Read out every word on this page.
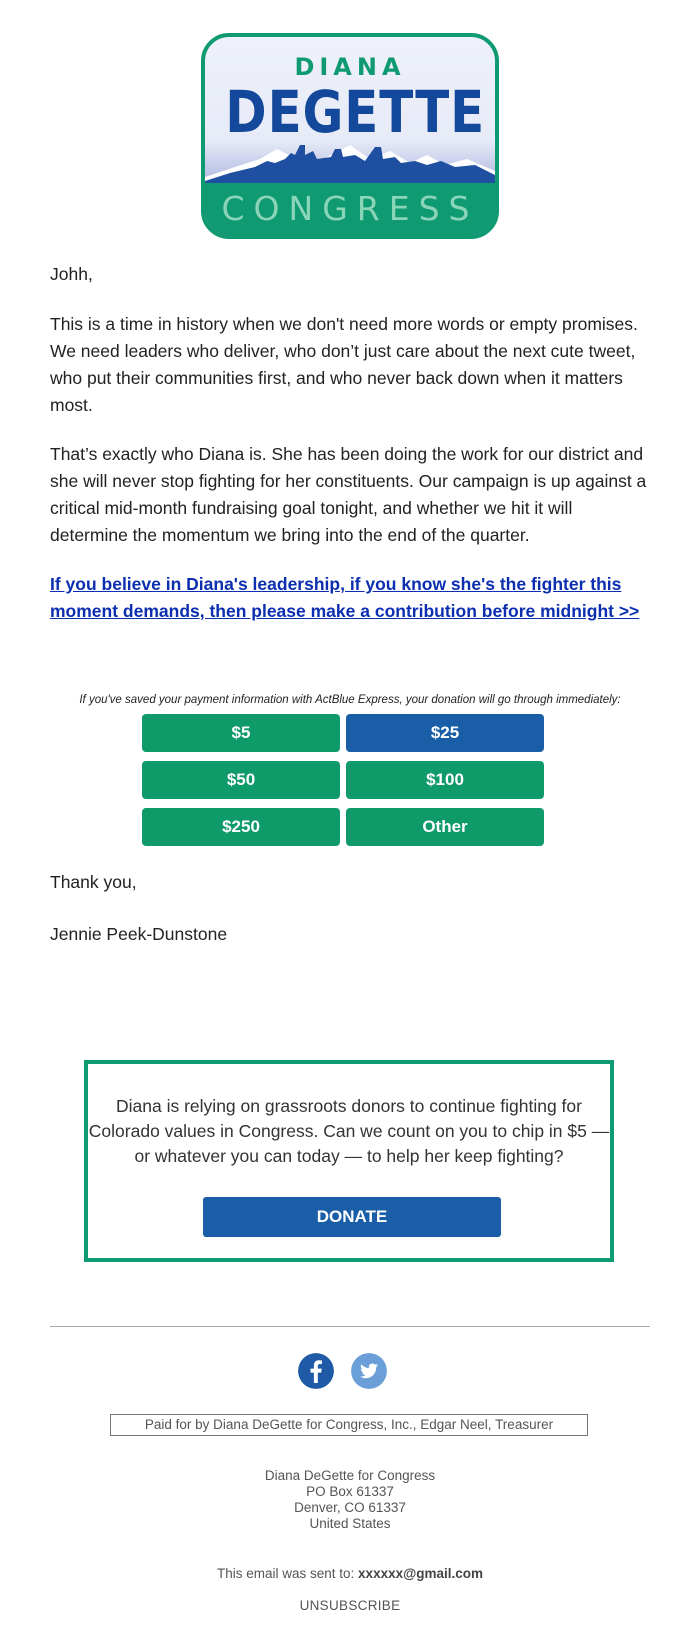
DIANA
DEGETTE
CONGRESS

Johh,

This is a time in history when we don't need more words or empty promises. We need leaders who deliver, who don’t just care about the next cute tweet, who put their communities first, and who never back down when it matters most.

That’s exactly who Diana is. She has been doing the work for our district and she will never stop fighting for her constituents. Our campaign is up against a critical mid-month fundraising goal tonight, and whether we hit it will determine the momentum we bring into the end of the quarter.

If you believe in Diana's leadership, if you know she's the fighter this moment demands, then please make a contribution before midnight >>

If you've saved your payment information with ActBlue Express, your donation will go through immediately:
$5	$25
$50	$100
$250	Other

Thank you,

Jennie Peek-Dunstone

Diana is relying on grassroots donors to continue fighting for Colorado values in Congress. Can we count on you to chip in $5 — or whatever you can today — to help her keep fighting?

DONATE
Paid for by Diana DeGette for Congress, Inc., Edgar Neel, Treasurer
Diana DeGette for Congress
PO Box 61337
Denver, CO 61337
United States
This email was sent to: xxxxxx@gmail.com
UNSUBSCRIBE
